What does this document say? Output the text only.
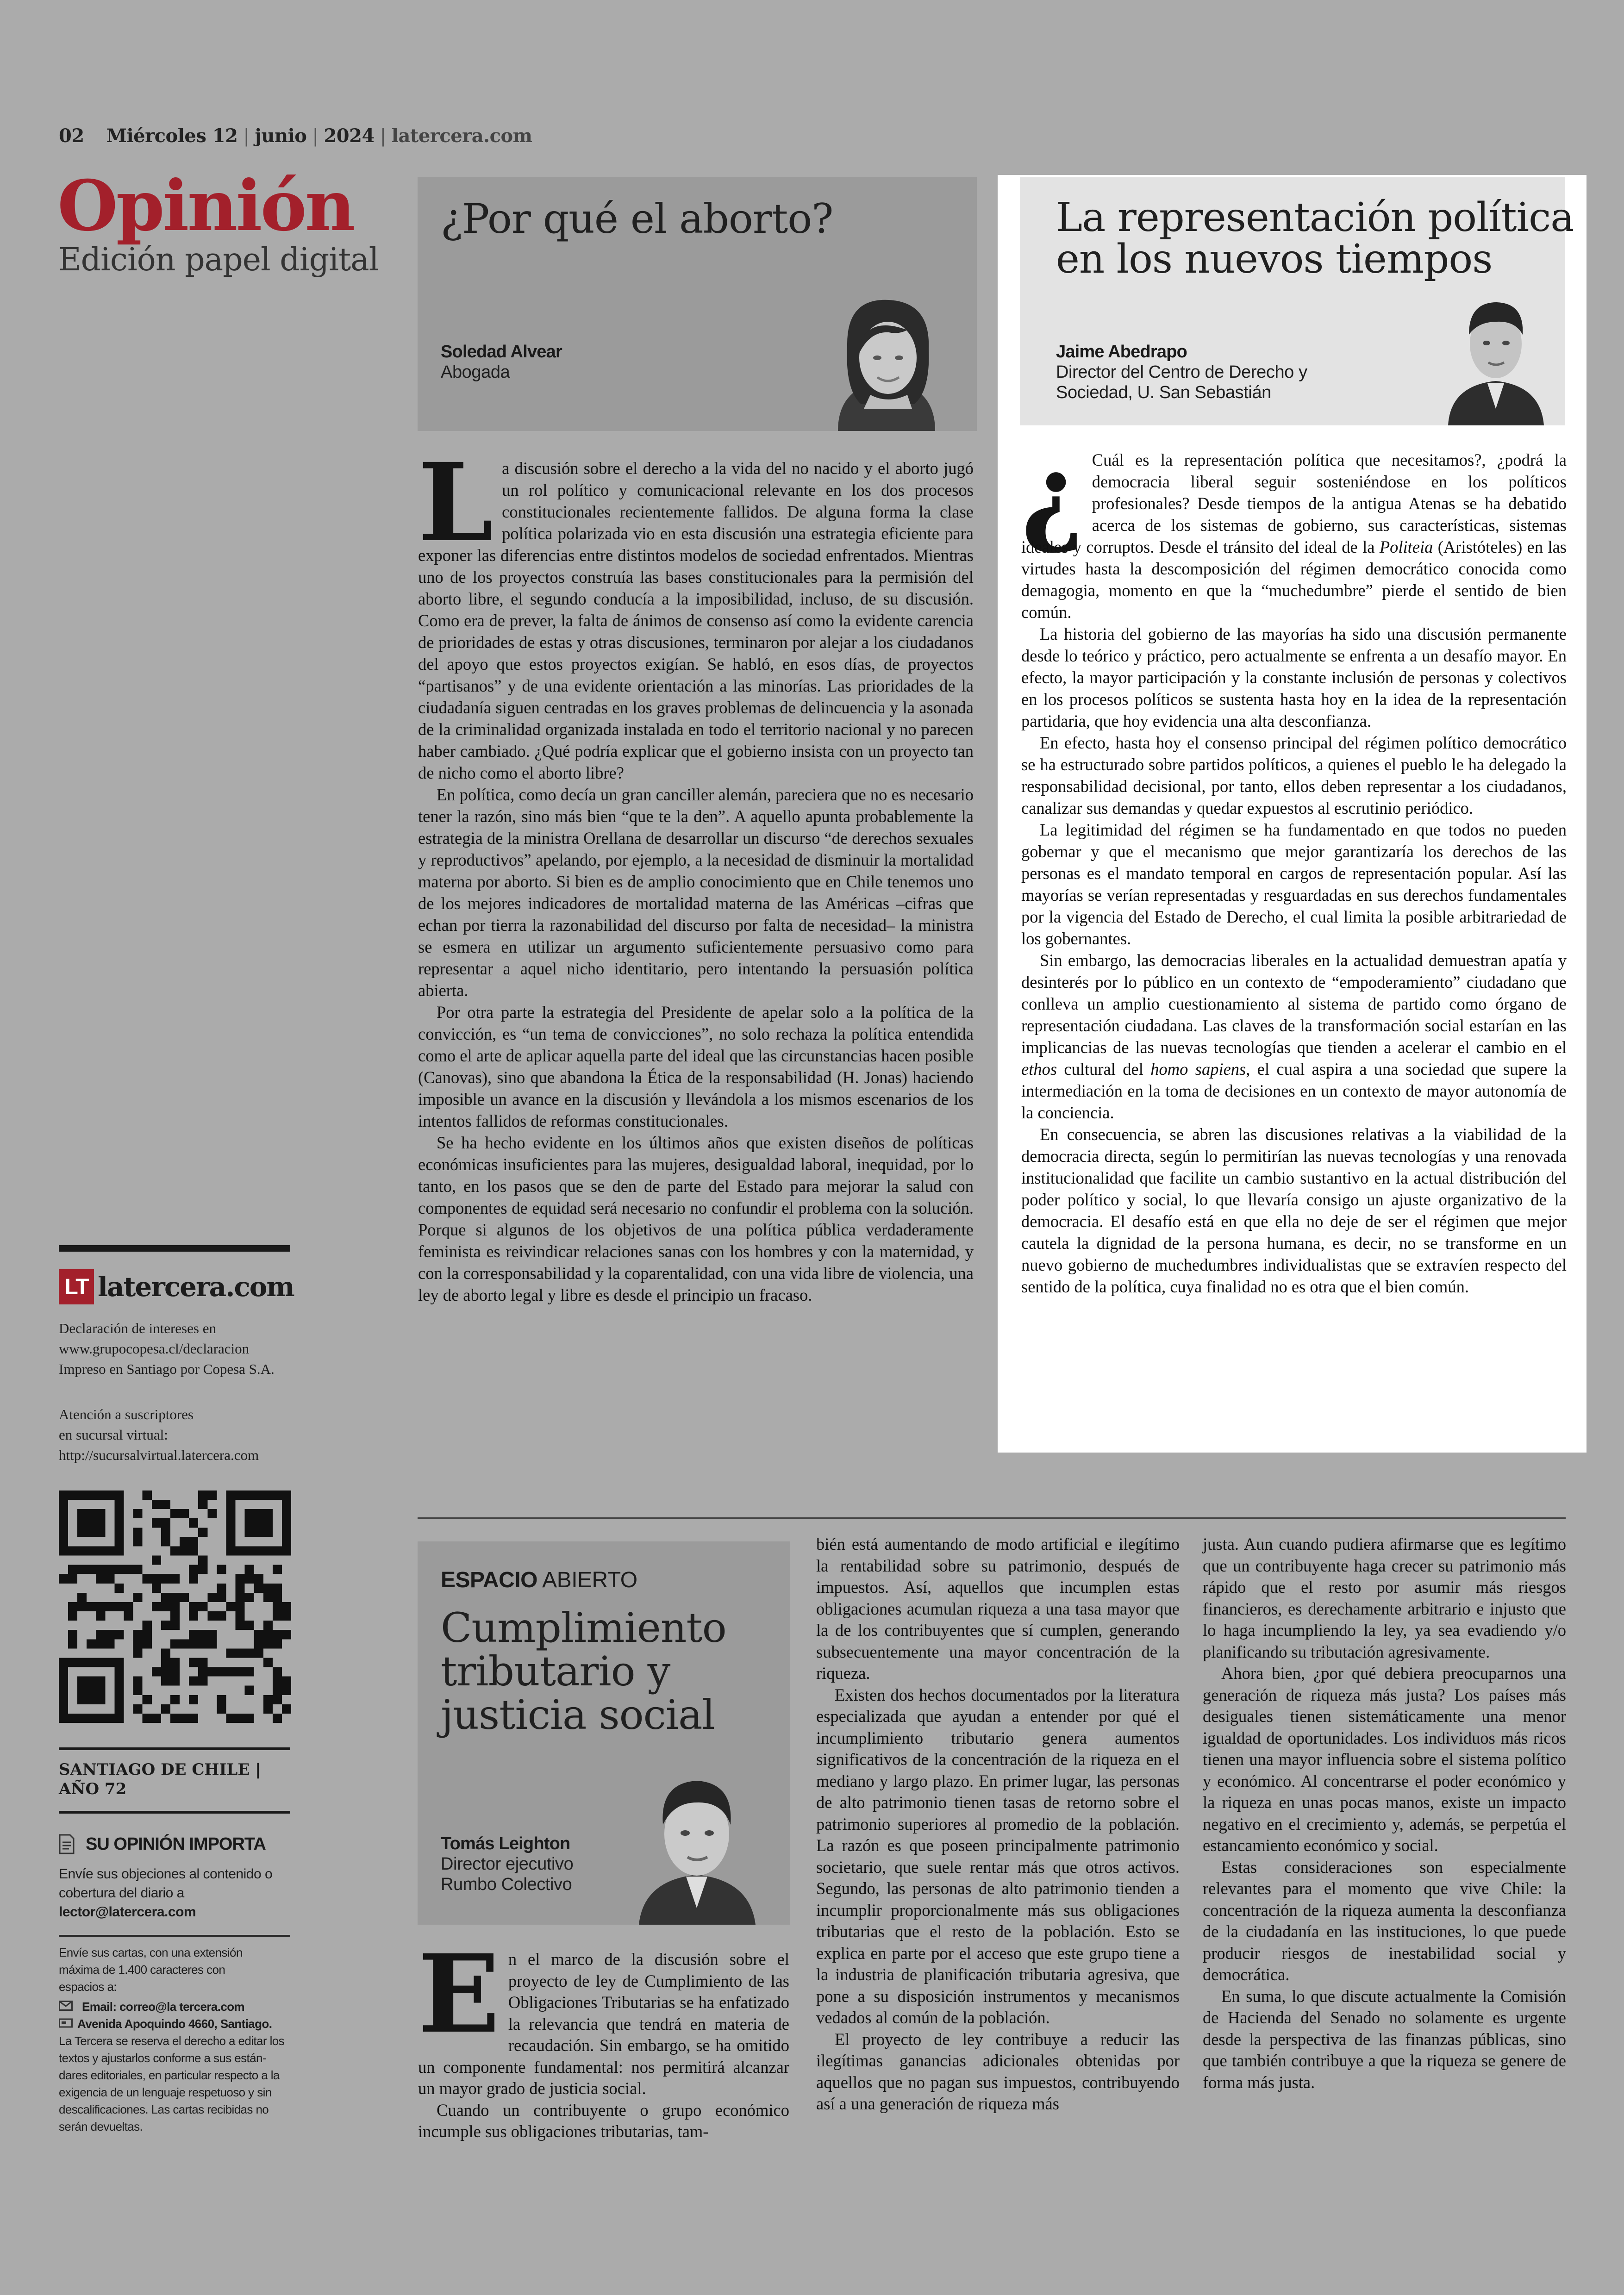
02 Miércoles 12 | junio | 2024 | latercera.com
Opinión
Edición papel digital
¿Por qué el aborto?
Soledad Alvear
Abogada

La discusión sobre el derecho a la vida del no nacido y el aborto jugó un rol político y comunicacional relevante en los dos procesos constitucionales recientemente fallidos. De alguna forma la clase política polarizada vio en esta discusión una estrategia eficiente para exponer las diferencias entre distintos modelos de sociedad enfrentados. Mientras uno de los proyectos construía las bases constitucionales para la permisión del aborto libre, el segundo conducía a la imposibilidad, incluso, de su discusión. Como era de prever, la falta de ánimos de consenso así como la evidente carencia de prioridades de estas y otras discusiones, terminaron por alejar a los ciudadanos del apoyo que estos proyectos exigían. Se habló, en esos días, de proyectos “partisanos” y de una evidente orientación a las minorías. Las prioridades de la ciudadanía siguen centradas en los graves problemas de delincuencia y la asonada de la criminalidad organizada instalada en todo el territorio nacional y no parecen haber cambiado. ¿Qué podría explicar que el gobierno insista con un proyecto tan de nicho como el aborto libre?

En política, como decía un gran canciller alemán, pareciera que no es necesario tener la razón, sino más bien “que te la den”. A aquello apunta probablemente la estrategia de la ministra Orellana de desarrollar un discurso “de derechos sexuales y reproductivos” apelando, por ejemplo, a la necesidad de disminuir la mortalidad materna por aborto. Si bien es de amplio conocimiento que en Chile tenemos uno de los mejores indicadores de mortalidad materna de las Américas –cifras que echan por tierra la razonabilidad del discurso por falta de necesidad– la ministra se esmera en utilizar un argumento suficientemente persuasivo como para representar a aquel nicho identitario, pero intentando la persuasión política abierta.

Por otra parte la estrategia del Presidente de apelar solo a la política de la convicción, es “un tema de convicciones”, no solo rechaza la política entendida como el arte de aplicar aquella parte del ideal que las circunstancias hacen posible (Canovas), sino que abandona la Ética de la responsabilidad (H. Jonas) haciendo imposible un avance en la discusión y llevándola a los mismos escenarios de los intentos fallidos de reformas constitucionales.

Se ha hecho evidente en los últimos años que existen diseños de políticas económicas insuficientes para las mujeres, desigualdad laboral, inequidad, por lo tanto, en los pasos que se den de parte del Estado para mejorar la salud con componentes de equidad será necesario no confundir el problema con la solución. Porque si algunos de los objetivos de una política pública verdaderamente feminista es reivindicar relaciones sanas con los hombres y con la maternidad, y con la corresponsabilidad y la coparentalidad, con una vida libre de violencia, una ley de aborto legal y libre es desde el principio un fracaso.

La representación política
en los nuevos tiempos
Jaime Abedrapo
Director del Centro de Derecho y
Sociedad, U. San Sebastián

¿ Cuál es la representación política que necesitamos?, ¿podrá la democracia liberal seguir sosteniéndose en los políticos profesionales? Desde tiempos de la antigua Atenas se ha debatido acerca de los sistemas de gobierno, sus características, sistemas ideales y corruptos. Desde el tránsito del ideal de la Politeia (Aristóteles) en las virtudes hasta la descomposición del régimen democrático conocida como demagogia, momento en que la “muchedumbre” pierde el sentido de bien común.

La historia del gobierno de las mayorías ha sido una discusión permanente desde lo teórico y práctico, pero actualmente se enfrenta a un desafío mayor. En efecto, la mayor participación y la constante inclusión de personas y colectivos en los procesos políticos se sustenta hasta hoy en la idea de la representación partidaria, que hoy evidencia una alta desconfianza.

En efecto, hasta hoy el consenso principal del régimen político democrático se ha estructurado sobre partidos políticos, a quienes el pueblo le ha delegado la responsabilidad decisional, por tanto, ellos deben representar a los ciudadanos, canalizar sus demandas y quedar expuestos al escrutinio periódico.

La legitimidad del régimen se ha fundamentado en que todos no pueden gobernar y que el mecanismo que mejor garantizaría los derechos de las personas es el mandato temporal en cargos de representación popular. Así las mayorías se verían representadas y resguardadas en sus derechos fundamentales por la vigencia del Estado de Derecho, el cual limita la posible arbitrariedad de los gobernantes.

Sin embargo, las democracias liberales en la actualidad demuestran apatía y desinterés por lo público en un contexto de “empoderamiento” ciudadano que conlleva un amplio cuestionamiento al sistema de partido como órgano de representación ciudadana. Las claves de la transformación social estarían en las implicancias de las nuevas tecnologías que tienden a acelerar el cambio en el ethos cultural del homo sapiens, el cual aspira a una sociedad que supere la intermediación en la toma de decisiones en un contexto de mayor autonomía de la conciencia.

En consecuencia, se abren las discusiones relativas a la viabilidad de la democracia directa, según lo permitirían las nuevas tecnologías y una renovada institucionalidad que facilite un cambio sustantivo en la actual distribución del poder político y social, lo que llevaría consigo un ajuste organizativo de la democracia. El desafío está en que ella no deje de ser el régimen que mejor cautela la dignidad de la persona humana, es decir, no se transforme en un nuevo gobierno de muchedumbres individualistas que se extravíen respecto del sentido de la política, cuya finalidad no es otra que el bien común.

LT latercera.com
Declaración de intereses en
www.grupocopesa.cl/declaracion
Impreso en Santiago por Copesa S.A.
Atención a suscriptores
en sucursal virtual:
http://sucursalvirtual.latercera.com
SANTIAGO DE CHILE |
AÑO 72
SU OPINIÓN IMPORTA
Envíe sus objeciones al contenido o
cobertura del diario a
lector@latercera.com
Envíe sus cartas, con una extensión
máxima de 1.400 caracteres con
espacios a:
Email: correo@la tercera.com
Avenida Apoquindo 4660, Santiago.
La Tercera se reserva el derecho a editar los
textos y ajustarlos conforme a sus están-
dares editoriales, en particular respecto a la
exigencia de un lenguaje respetuoso y sin
descalificaciones. Las cartas recibidas no
serán devueltas.
ESPACIO ABIERTO
Cumplimiento
tributario y
justicia social
Tomás Leighton
Director ejecutivo
Rumbo Colectivo

En el marco de la discusión sobre el proyecto de ley de Cumplimiento de las Obligaciones Tributarias se ha enfatizado la relevancia que tendrá en materia de recaudación. Sin embargo, se ha omitido un componente fundamental: nos permitirá alcanzar un mayor grado de justicia social.

Cuando un contribuyente o grupo económico incumple sus obligaciones tributarias, tam-

bién está aumentando de modo artificial e ilegítimo la rentabilidad sobre su patrimonio, después de impuestos. Así, aquellos que incumplen estas obligaciones acumulan riqueza a una tasa mayor que la de los contribuyentes que sí cumplen, generando subsecuentemente una mayor concentración de la riqueza.

Existen dos hechos documentados por la literatura especializada que ayudan a entender por qué el incumplimiento tributario genera aumentos significativos de la concentración de la riqueza en el mediano y largo plazo. En primer lugar, las personas de alto patrimonio tienen tasas de retorno sobre el patrimonio superiores al promedio de la población. La razón es que poseen principalmente patrimonio societario, que suele rentar más que otros activos. Segundo, las personas de alto patrimonio tienden a incumplir proporcionalmente más sus obligaciones tributarias que el resto de la población. Esto se explica en parte por el acceso que este grupo tiene a la industria de planificación tributaria agresiva, que pone a su disposición instrumentos y mecanismos vedados al común de la población.

El proyecto de ley contribuye a reducir las ilegítimas ganancias adicionales obtenidas por aquellos que no pagan sus impuestos, contribuyendo así a una generación de riqueza más

justa. Aun cuando pudiera afirmarse que es legítimo que un contribuyente haga crecer su patrimonio más rápido que el resto por asumir más riesgos financieros, es derechamente arbitrario e injusto que lo haga incumpliendo la ley, ya sea evadiendo y/o planificando su tributación agresivamente.

Ahora bien, ¿por qué debiera preocuparnos una generación de riqueza más justa? Los países más desiguales tienen sistemáticamente una menor igualdad de oportunidades. Los individuos más ricos tienen una mayor influencia sobre el sistema político y económico. Al concentrarse el poder económico y la riqueza en unas pocas manos, existe un impacto negativo en el crecimiento y, además, se perpetúa el estancamiento económico y social.

Estas consideraciones son especialmente relevantes para el momento que vive Chile: la concentración de la riqueza aumenta la desconfianza de la ciudadanía en las instituciones, lo que puede producir riesgos de inestabilidad social y democrática.

En suma, lo que discute actualmente la Comisión de Hacienda del Senado no solamente es urgente desde la perspectiva de las finanzas públicas, sino que también contribuye a que la riqueza se genere de forma más justa.
